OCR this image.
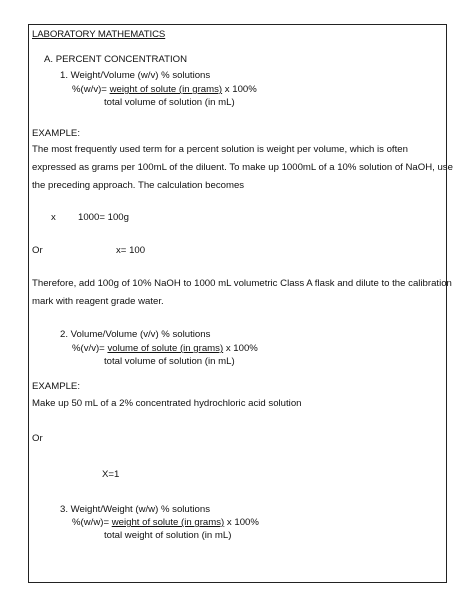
LABORATORY MATHEMATICS
A. PERCENT CONCENTRATION
1. Weight/Volume (w/v) % solutions
%(w/v)= weight of solute (in grams) x 100%
total volume of solution (in mL)
EXAMPLE:
The most frequently used term for a percent solution is weight per volume, which is often
expressed as grams per 100mL of the diluent. To make up 1000mL of a 10% solution of NaOH, use
the preceding approach. The calculation becomes
x 1000= 100g
Or	x= 100
Therefore, add 100g of 10% NaOH to 1000 mL volumetric Class A flask and dilute to the calibration
mark with reagent grade water.
2. Volume/Volume (v/v) % solutions
%(v/v)= volume of solute (in grams) x 100%
total volume of solution (in mL)
EXAMPLE:
Make up 50 mL of a 2% concentrated hydrochloric acid solution
Or
X=1
3. Weight/Weight (w/w) % solutions
%(w/w)= weight of solute (in grams) x 100%
total weight of solution (in mL)
